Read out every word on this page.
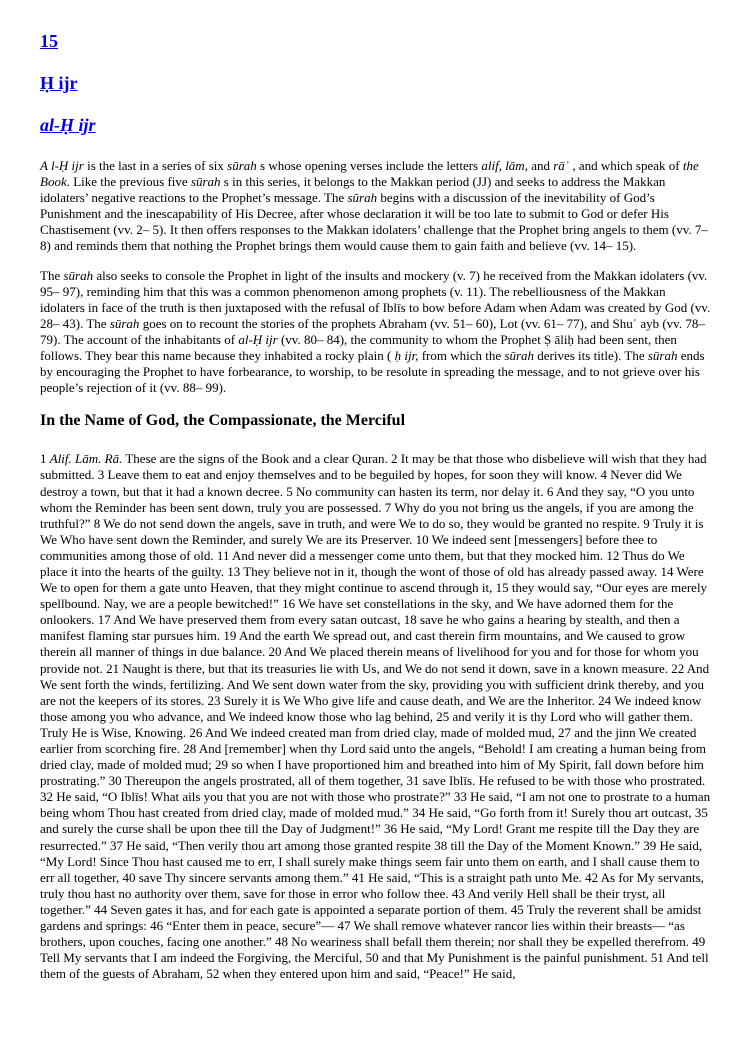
15
Ḥ ijr
al-Ḥ ijr

A l-Ḥ ijr is the last in a series of six sūrah s whose opening verses include the letters alif, lām, and rāʾ , and which speak of the Book. Like the previous five sūrah s in this series, it belongs to the Makkan period (JJ) and seeks to address the Makkan idolaters’ negative reactions to the Prophet’s message. The sūrah begins with a discussion of the inevitability of God’s Punishment and the inescapability of His Decree, after whose declaration it will be too late to submit to God or defer His Chastisement (vv. 2– 5). It then offers responses to the Makkan idolaters’ challenge that the Prophet bring angels to them (vv. 7– 8) and reminds them that nothing the Prophet brings them would cause them to gain faith and believe (vv. 14– 15).

The sūrah also seeks to console the Prophet in light of the insults and mockery (v. 7) he received from the Makkan idolaters (vv. 95– 97), reminding him that this was a common phenomenon among prophets (v. 11). The rebelliousness of the Makkan idolaters in face of the truth is then juxtaposed with the refusal of Iblīs to bow before Adam when Adam was created by God (vv. 28– 43). The sūrah goes on to recount the stories of the prophets Abraham (vv. 51– 60), Lot (vv. 61– 77), and Shuʿ ayb (vv. 78– 79). The account of the inhabitants of al-Ḥ ijr (vv. 80– 84), the community to whom the Prophet Ṣ āliḥ had been sent, then follows. They bear this name because they inhabited a rocky plain ( ḥ ijr, from which the sūrah derives its title). The sūrah ends by encouraging the Prophet to have forbearance, to worship, to be resolute in spreading the message, and to not grieve over his people’s rejection of it (vv. 88– 99).

In the Name of God, the Compassionate, the Merciful

1 Alif. Lām. Rā. These are the signs of the Book and a clear Quran. 2 It may be that those who disbelieve will wish that they had submitted. 3 Leave them to eat and enjoy themselves and to be beguiled by hopes, for soon they will know. 4 Never did We destroy a town, but that it had a known decree. 5 No community can hasten its term, nor delay it. 6 And they say, “O you unto whom the Reminder has been sent down, truly you are possessed. 7 Why do you not bring us the angels, if you are among the truthful?” 8 We do not send down the angels, save in truth, and were We to do so, they would be granted no respite. 9 Truly it is We Who have sent down the Reminder, and surely We are its Preserver. 10 We indeed sent [messengers] before thee to communities among those of old. 11 And never did a messenger come unto them, but that they mocked him. 12 Thus do We place it into the hearts of the guilty. 13 They believe not in it, though the wont of those of old has already passed away. 14 Were We to open for them a gate unto Heaven, that they might continue to ascend through it, 15 they would say, “Our eyes are merely spellbound. Nay, we are a people bewitched!” 16 We have set constellations in the sky, and We have adorned them for the onlookers. 17 And We have preserved them from every satan outcast, 18 save he who gains a hearing by stealth, and then a manifest flaming star pursues him. 19 And the earth We spread out, and cast therein firm mountains, and We caused to grow therein all manner of things in due balance. 20 And We placed therein means of livelihood for you and for those for whom you provide not. 21 Naught is there, but that its treasuries lie with Us, and We do not send it down, save in a known measure. 22 And We sent forth the winds, fertilizing. And We sent down water from the sky, providing you with sufficient drink thereby, and you are not the keepers of its stores. 23 Surely it is We Who give life and cause death, and We are the Inheritor. 24 We indeed know those among you who advance, and We indeed know those who lag behind, 25 and verily it is thy Lord who will gather them. Truly He is Wise, Knowing. 26 And We indeed created man from dried clay, made of molded mud, 27 and the jinn We created earlier from scorching fire. 28 And [remember] when thy Lord said unto the angels, “Behold! I am creating a human being from dried clay, made of molded mud; 29 so when I have proportioned him and breathed into him of My Spirit, fall down before him prostrating.” 30 Thereupon the angels prostrated, all of them together, 31 save Iblīs. He refused to be with those who prostrated. 32 He said, “O Iblīs! What ails you that you are not with those who prostrate?” 33 He said, “I am not one to prostrate to a human being whom Thou hast created from dried clay, made of molded mud.” 34 He said, “Go forth from it! Surely thou art outcast, 35 and surely the curse shall be upon thee till the Day of Judgment!” 36 He said, “My Lord! Grant me respite till the Day they are resurrected.” 37 He said, “Then verily thou art among those granted respite 38 till the Day of the Moment Known.” 39 He said, “My Lord! Since Thou hast caused me to err, I shall surely make things seem fair unto them on earth, and I shall cause them to err all together, 40 save Thy sincere servants among them.” 41 He said, “This is a straight path unto Me. 42 As for My servants, truly thou hast no authority over them, save for those in error who follow thee. 43 And verily Hell shall be their tryst, all together.” 44 Seven gates it has, and for each gate is appointed a separate portion of them. 45 Truly the reverent shall be amidst gardens and springs: 46 “Enter them in peace, secure”— 47 We shall remove whatever rancor lies within their breasts— “as brothers, upon couches, facing one another.” 48 No weariness shall befall them therein; nor shall they be expelled therefrom. 49 Tell My servants that I am indeed the Forgiving, the Merciful, 50 and that My Punishment is the painful punishment. 51 And tell them of the guests of Abraham, 52 when they entered upon him and said, “Peace!” He said,
